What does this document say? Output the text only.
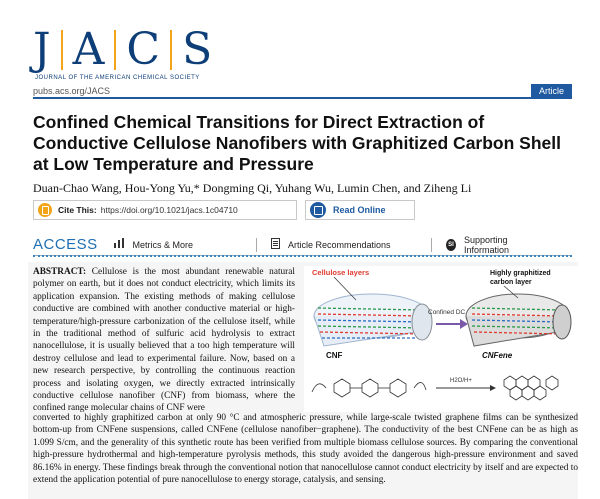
J A C S
JOURNAL OF THE AMERICAN CHEMICAL SOCIETY
pubs.acs.org/JACS	Article
Confined Chemical Transitions for Direct Extraction of Conductive Cellulose Nanofibers with Graphitized Carbon Shell at Low Temperature and Pressure
Duan-Chao Wang, Hou-Yong Yu,* Dongming Qi, Yuhang Wu, Lumin Chen, and Ziheng Li
Cite This: https://doi.org/10.1021/jacs.1c04710	Read Online
ACCESS	Metrics & More	Article Recommendations	SI Supporting Information

ABSTRACT: Cellulose is the most abundant renewable natural polymer on earth, but it does not conduct electricity, which limits its application expansion. The existing methods of making cellulose conductive are combined with another conductive material or high-temperature/high-pressure carbonization of the cellulose itself, while in the traditional method of sulfuric acid hydrolysis to extract nanocellulose, it is usually believed that a too high temperature will destroy cellulose and lead to experimental failure. Now, based on a new research perspective, by controlling the continuous reaction process and isolating oxygen, we directly extracted intrinsically conductive cellulose nanofiber (CNF) from biomass, where the confined range molecular chains of CNF were

Cellulose layers
CNF
Confined DC
Highly graphitized
carbon layer
CNFene
H2O/H+

converted to highly graphitized carbon at only 90 °C and atmospheric pressure, while large-scale twisted graphene films can be synthesized bottom-up from CNFene suspensions, called CNFene (cellulose nanofiber−graphene). The conductivity of the best CNFene can be as high as 1.099 S/cm, and the generality of this synthetic route has been verified from multiple biomass cellulose sources. By comparing the conventional high-pressure hydrothermal and high-temperature pyrolysis methods, this study avoided the dangerous high-pressure environment and saved 86.16% in energy. These findings break through the conventional notion that nanocellulose cannot conduct electricity by itself and are expected to extend the application potential of pure nanocellulose to energy storage, catalysis, and sensing.
